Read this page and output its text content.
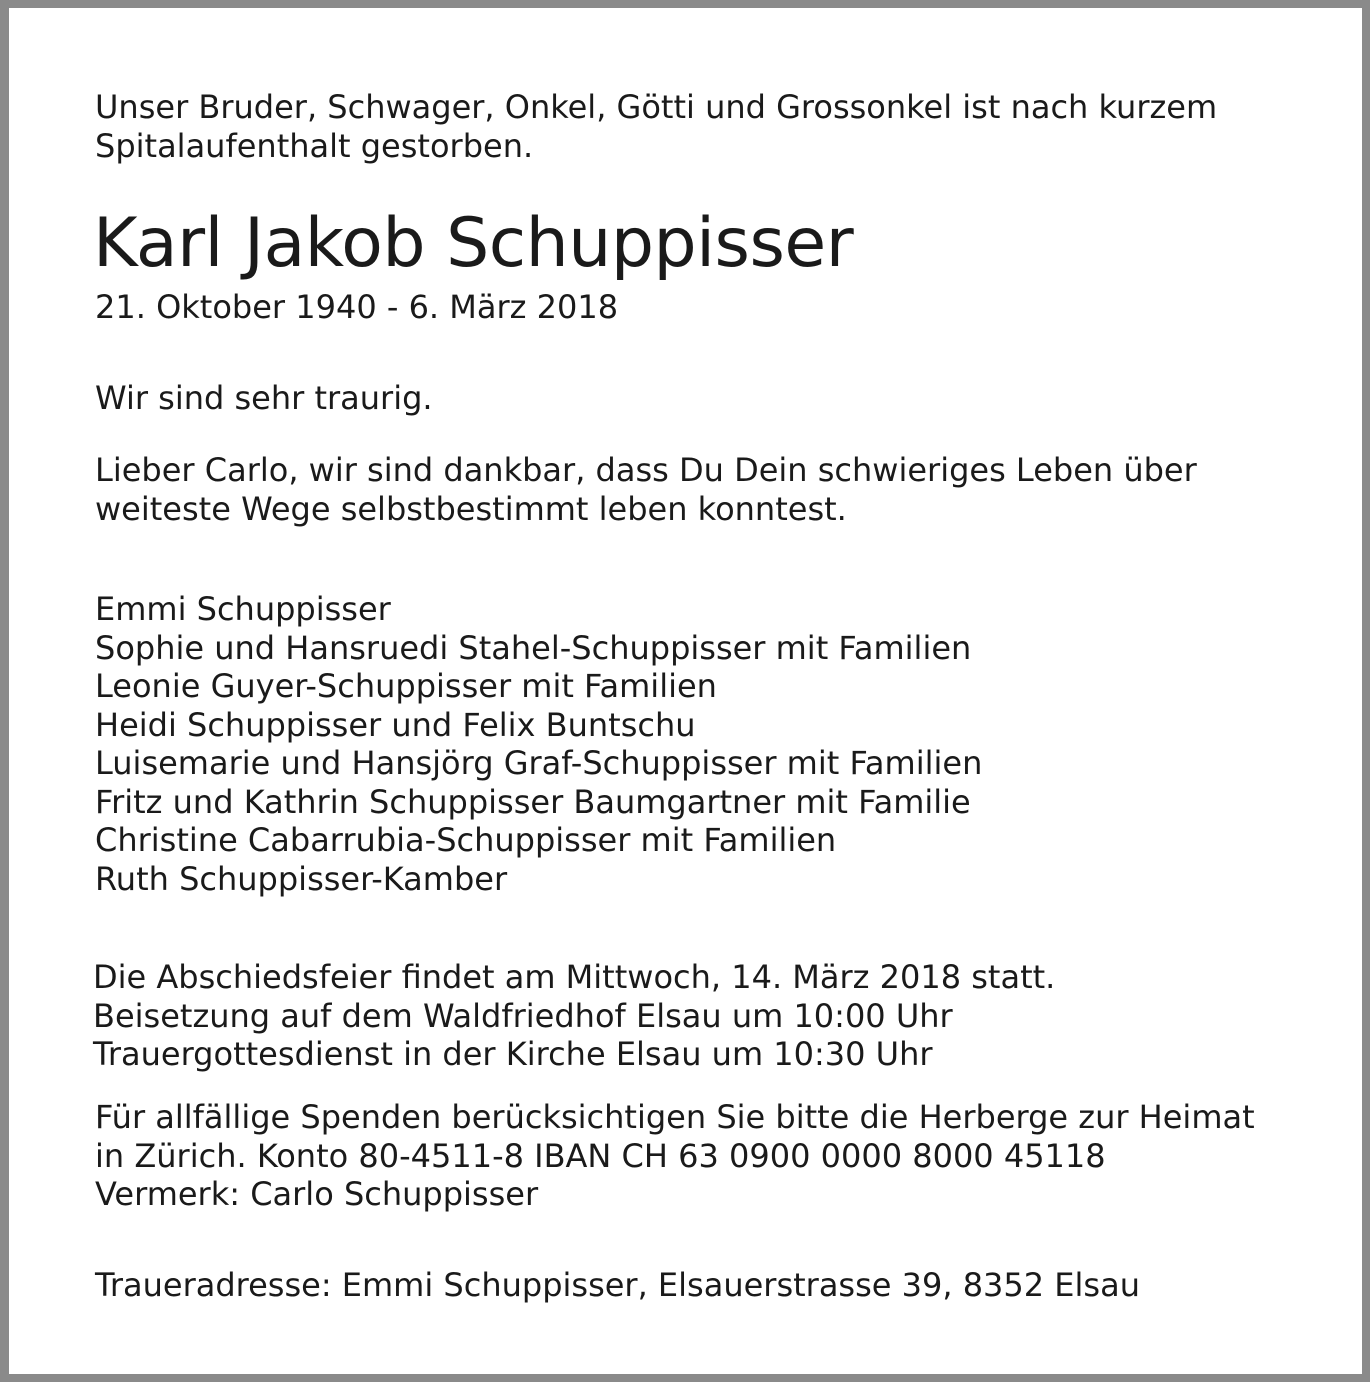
Unser Bruder, Schwager, Onkel, Götti und Grossonkel ist nach kurzem
Spitalaufenthalt gestorben.
Karl Jakob Schuppisser
21. Oktober 1940 - 6. März 2018
Wir sind sehr traurig.
Lieber Carlo, wir sind dankbar, dass Du Dein schwieriges Leben über
weiteste Wege selbstbestimmt leben konntest.
Emmi Schuppisser
Sophie und Hansruedi Stahel-Schuppisser mit Familien
Leonie Guyer-Schuppisser mit Familien
Heidi Schuppisser und Felix Buntschu
Luisemarie und Hansjörg Graf-Schuppisser mit Familien
Fritz und Kathrin Schuppisser Baumgartner mit Familie
Christine Cabarrubia-Schuppisser mit Familien
Ruth Schuppisser-Kamber
Die Abschiedsfeier findet am Mittwoch, 14. März 2018 statt.
Beisetzung auf dem Waldfriedhof Elsau um 10:00 Uhr
Trauergottesdienst in der Kirche Elsau um 10:30 Uhr
Für allfällige Spenden berücksichtigen Sie bitte die Herberge zur Heimat
in Zürich. Konto 80-4511-8 IBAN CH 63 0900 0000 8000 45118
Vermerk: Carlo Schuppisser
Traueradresse: Emmi Schuppisser, Elsauerstrasse 39, 8352 Elsau
